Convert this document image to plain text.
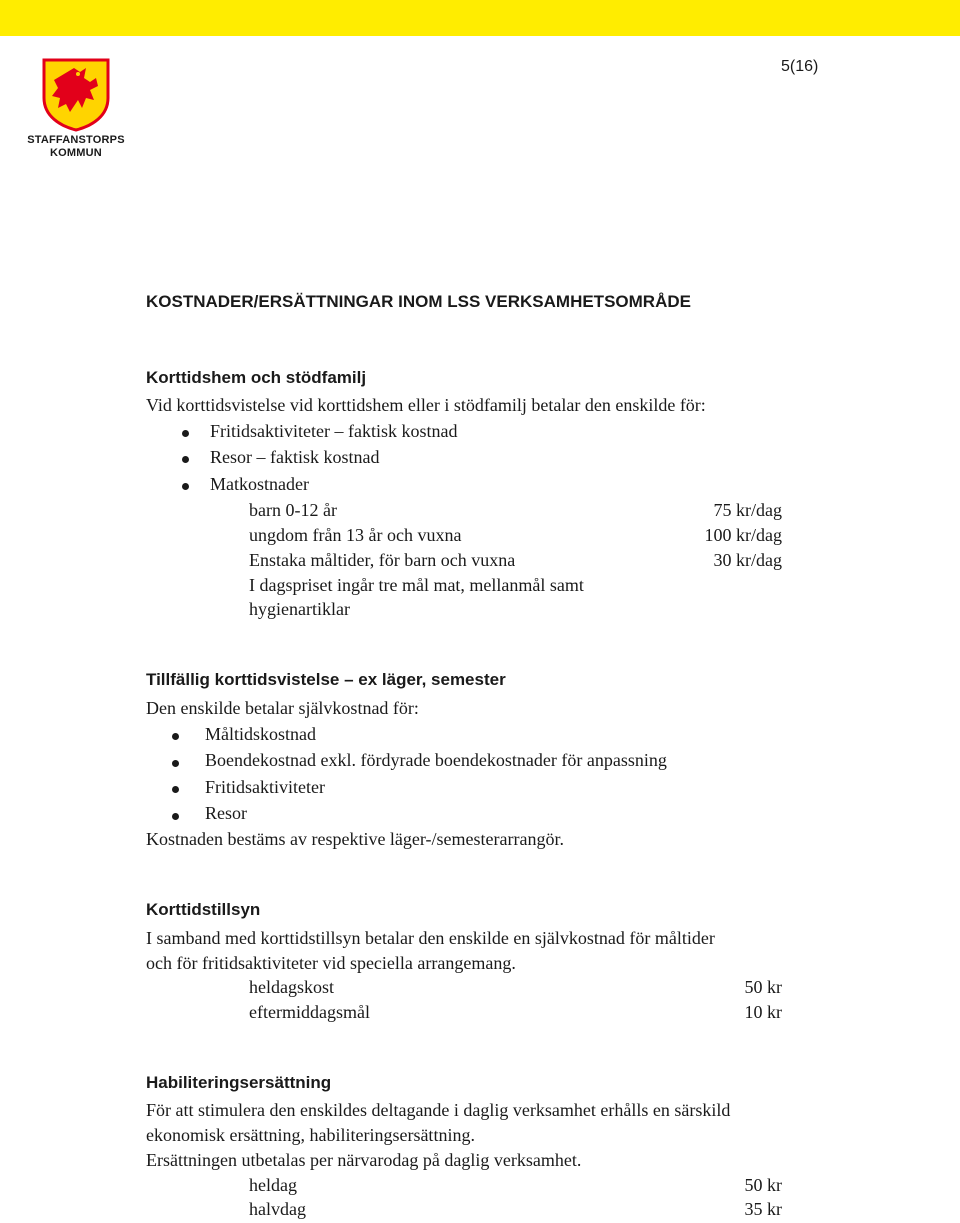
STAFFANSTORPS
KOMMUN
5(16)
KOSTNADER/ERSÄTTNINGAR INOM LSS VERKSAMHETSOMRÅDE
Korttidshem och stödfamilj
Vid korttidsvistelse vid korttidshem eller i stödfamilj betalar den enskilde för:
Fritidsaktiviteter – faktisk kostnad
Resor – faktisk kostnad
Matkostnader
barn 0-12 år	75 kr/dag
ungdom från 13 år och vuxna	100 kr/dag
Enstaka måltider, för barn och vuxna	30 kr/dag
I dagspriset ingår tre mål mat, mellanmål samt
hygienartiklar
Tillfällig korttidsvistelse – ex läger, semester
Den enskilde betalar självkostnad för:
Måltidskostnad
Boendekostnad exkl. fördyrade boendekostnader för anpassning
Fritidsaktiviteter
Resor
Kostnaden bestäms av respektive läger-/semesterarrangör.
Korttidstillsyn
I samband med korttidstillsyn betalar den enskilde en självkostnad för måltider
och för fritidsaktiviteter vid speciella arrangemang.
heldagskost	50 kr
eftermiddagsmål	10 kr
Habiliteringsersättning
För att stimulera den enskildes deltagande i daglig verksamhet erhålls en särskild
ekonomisk ersättning, habiliteringsersättning.
Ersättningen utbetalas per närvarodag på daglig verksamhet.
heldag	50 kr
halvdag	35 kr
